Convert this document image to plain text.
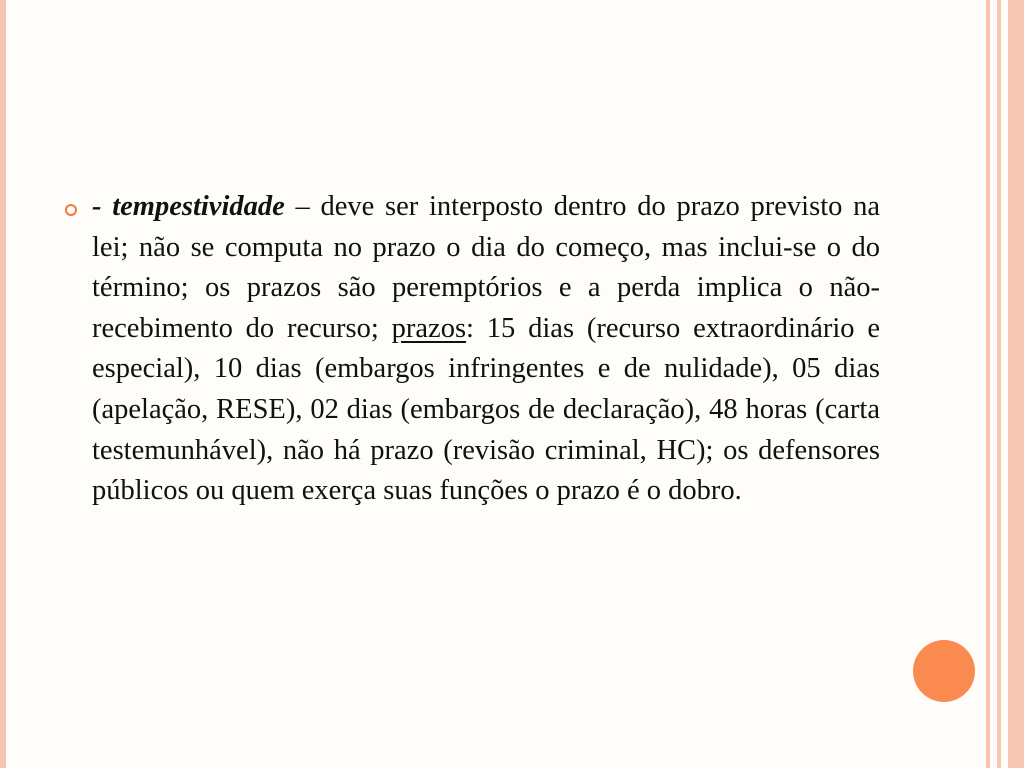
- tempestividade – deve ser interposto dentro do prazo previsto na lei; não se computa no prazo o dia do começo, mas inclui-se o do término; os prazos são peremptórios e a perda implica o não-recebimento do recurso; prazos: 15 dias (recurso extraordinário e especial), 10 dias (embargos infringentes e de nulidade), 05 dias (apelação, RESE), 02 dias (embargos de declaração), 48 horas (carta testemunhável), não há prazo (revisão criminal, HC); os defensores públicos ou quem exerça suas funções o prazo é o dobro.
